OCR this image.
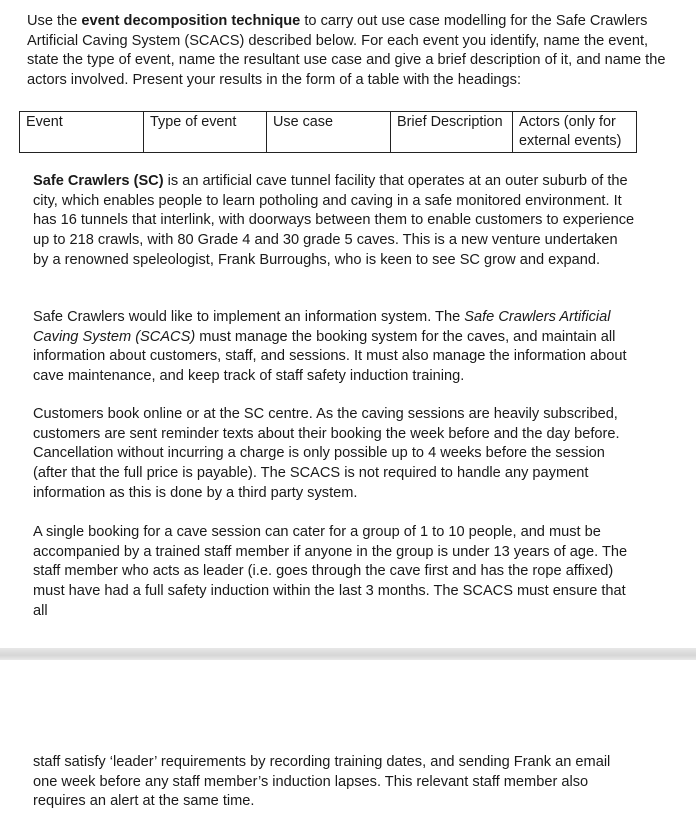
Use the event decomposition technique to carry out use case modelling for the Safe Crawlers Artificial Caving System (SCACS) described below. For each event you identify, name the event, state the type of event, name the resultant use case and give a brief description of it, and name the actors involved. Present your results in the form of a table with the headings:

Event	Type of event	Use case	Brief Description	Actors (only for external events)

Safe Crawlers (SC) is an artificial cave tunnel facility that operates at an outer suburb of the city, which enables people to learn potholing and caving in a safe monitored environment. It has 16 tunnels that interlink, with doorways between them to enable customers to experience up to 218 crawls, with 80 Grade 4 and 30 grade 5 caves. This is a new venture undertaken by a renowned speleologist, Frank Burroughs, who is keen to see SC grow and expand.

Safe Crawlers would like to implement an information system. The Safe Crawlers Artificial Caving System (SCACS) must manage the booking system for the caves, and maintain all information about customers, staff, and sessions. It must also manage the information about cave maintenance, and keep track of staff safety induction training.

Customers book online or at the SC centre. As the caving sessions are heavily subscribed, customers are sent reminder texts about their booking the week before and the day before. Cancellation without incurring a charge is only possible up to 4 weeks before the session (after that the full price is payable). The SCACS is not required to handle any payment information as this is done by a third party system.

A single booking for a cave session can cater for a group of 1 to 10 people, and must be accompanied by a trained staff member if anyone in the group is under 13 years of age. The staff member who acts as leader (i.e. goes through the cave first and has the rope affixed) must have had a full safety induction within the last 3 months. The SCACS must ensure that all

staff satisfy ‘leader’ requirements by recording training dates, and sending Frank an email one week before any staff member’s induction lapses. This relevant staff member also requires an alert at the same time.
